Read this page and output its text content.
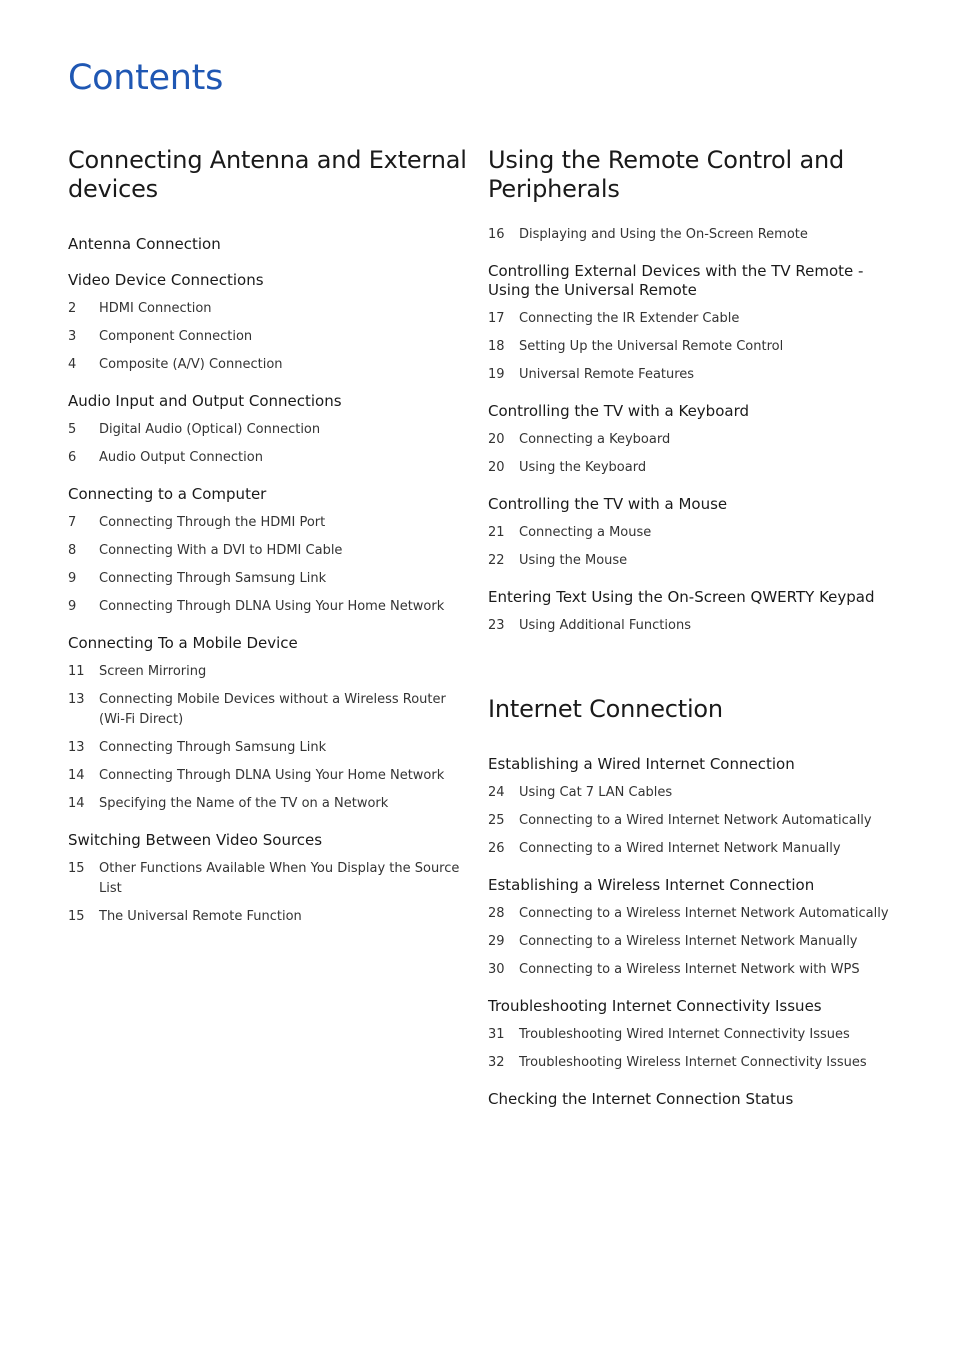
Contents
Connecting Antenna and External
devices
Antenna Connection
Video Device Connections
2	HDMI Connection
3	Component Connection
4	Composite (A/V) Connection
Audio Input and Output Connections
5	Digital Audio (Optical) Connection
6	Audio Output Connection
Connecting to a Computer
7	Connecting Through the HDMI Port
8	Connecting With a DVI to HDMI Cable
9	Connecting Through Samsung Link
9	Connecting Through DLNA Using Your Home Network
Connecting To a Mobile Device
11	Screen Mirroring
13	Connecting Mobile Devices without a Wireless Router (Wi-Fi Direct)
13	Connecting Through Samsung Link
14	Connecting Through DLNA Using Your Home Network
14	Specifying the Name of the TV on a Network
Switching Between Video Sources
15	Other Functions Available When You Display the Source List
15	The Universal Remote Function
Using the Remote Control and
Peripherals
16	Displaying and Using the On-Screen Remote
Controlling External Devices with the TV Remote - Using the Universal Remote
17	Connecting the IR Extender Cable
18	Setting Up the Universal Remote Control
19	Universal Remote Features
Controlling the TV with a Keyboard
20	Connecting a Keyboard
20	Using the Keyboard
Controlling the TV with a Mouse
21	Connecting a Mouse
22	Using the Mouse
Entering Text Using the On-Screen QWERTY Keypad
23	Using Additional Functions
Internet Connection
Establishing a Wired Internet Connection
24	Using Cat 7 LAN Cables
25	Connecting to a Wired Internet Network Automatically
26	Connecting to a Wired Internet Network Manually
Establishing a Wireless Internet Connection
28	Connecting to a Wireless Internet Network Automatically
29	Connecting to a Wireless Internet Network Manually
30	Connecting to a Wireless Internet Network with WPS
Troubleshooting Internet Connectivity Issues
31	Troubleshooting Wired Internet Connectivity Issues
32	Troubleshooting Wireless Internet Connectivity Issues
Checking the Internet Connection Status
